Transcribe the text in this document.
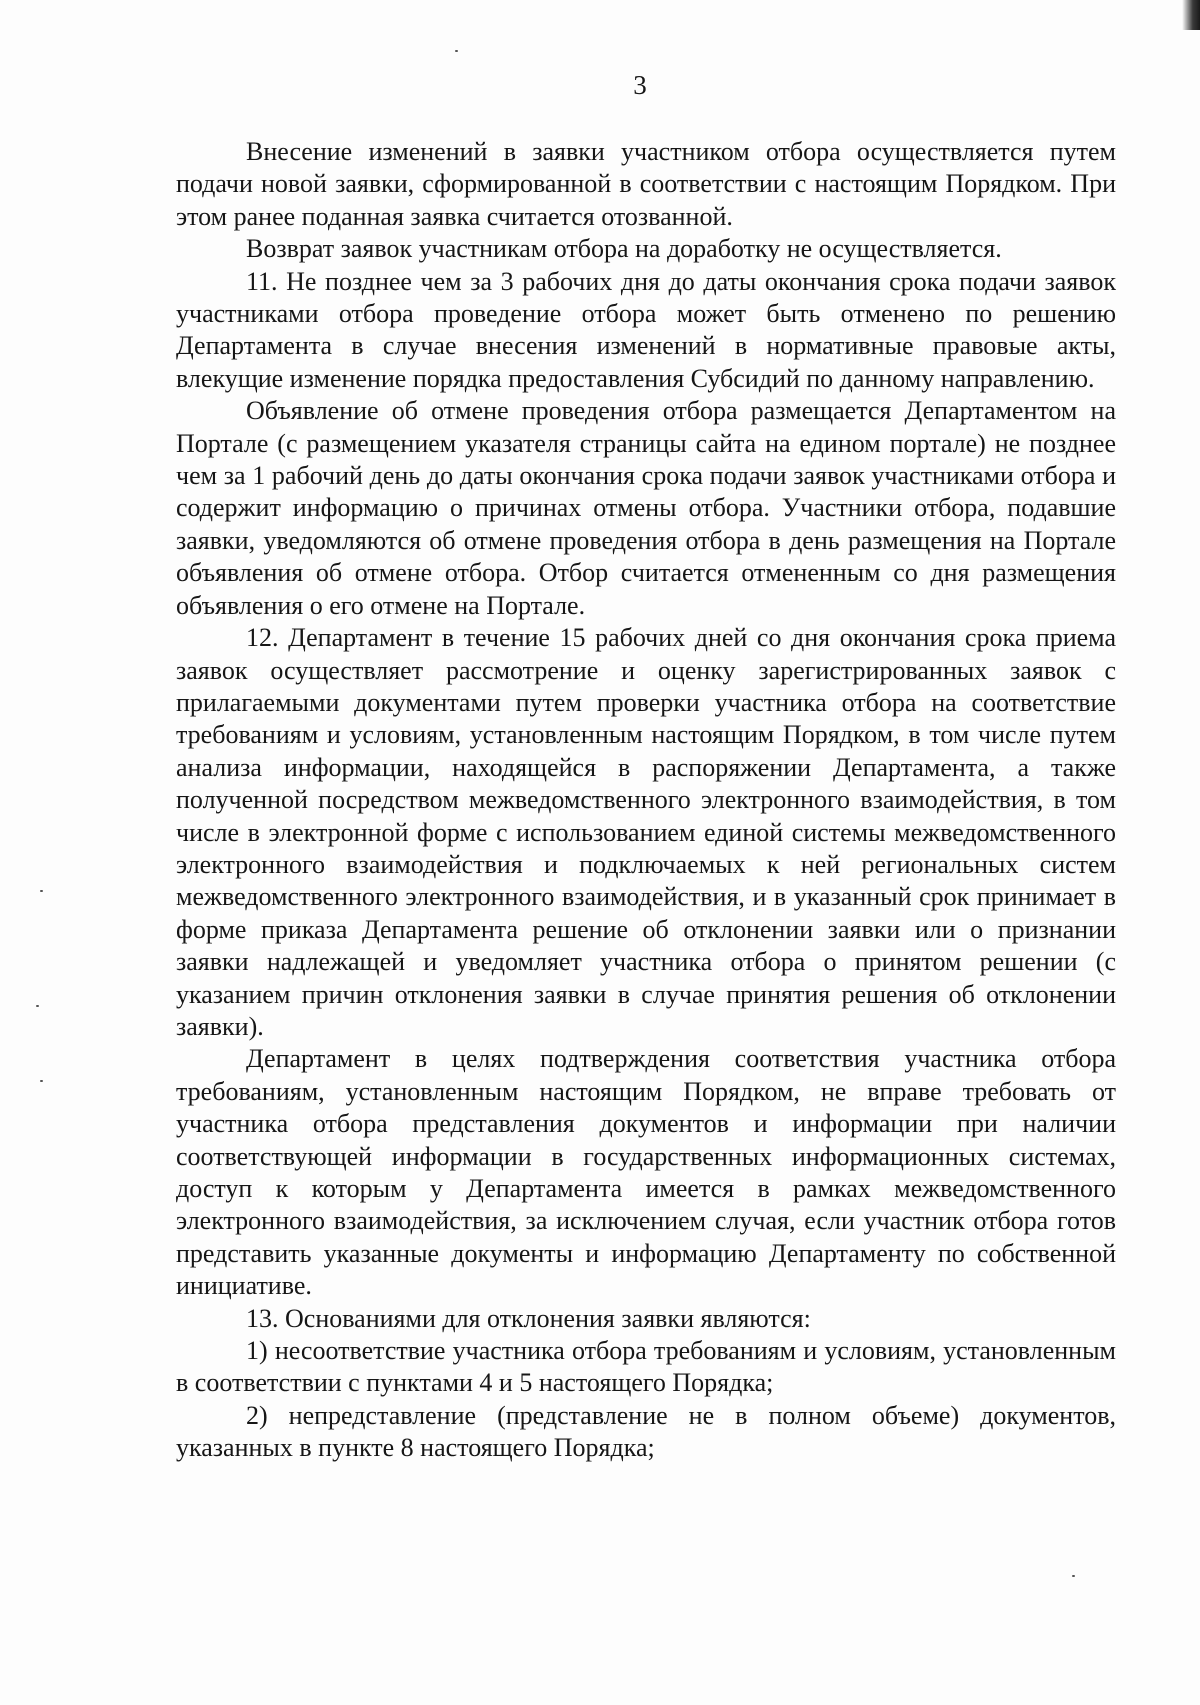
3

Внесение изменений в заявки участником отбора осуществляется путем подачи новой заявки, сформированной в соответствии с настоящим Порядком. При этом ранее поданная заявка считается отозванной.

Возврат заявок участникам отбора на доработку не осуществляется.

11. Не позднее чем за 3 рабочих дня до даты окончания срока подачи заявок участниками отбора проведение отбора может быть отменено по решению Департамента в случае внесения изменений в нормативные правовые акты, влекущие изменение порядка предоставления Субсидий по данному направлению.

Объявление об отмене проведения отбора размещается Департаментом на Портале (с размещением указателя страницы сайта на едином портале) не позднее чем за 1 рабочий день до даты окончания срока подачи заявок участниками отбора и содержит информацию о причинах отмены отбора. Участники отбора, подавшие заявки, уведомляются об отмене проведения отбора в день размещения на Портале объявления об отмене отбора. Отбор считается отмененным со дня размещения объявления о его отмене на Портале.

12. Департамент в течение 15 рабочих дней со дня окончания срока приема заявок осуществляет рассмотрение и оценку зарегистрированных заявок с прилагаемыми документами путем проверки участника отбора на соответствие требованиям и условиям, установленным настоящим Порядком, в том числе путем анализа информации, находящейся в распоряжении Департамента, а также полученной посредством межведомственного электронного взаимодействия, в том числе в электронной форме с использованием единой системы межведомственного электронного взаимодействия и подключаемых к ней региональных систем межведомственного электронного взаимодействия, и в указанный срок принимает в форме приказа Департамента решение об отклонении заявки или о признании заявки надлежащей и уведомляет участника отбора о принятом решении (с указанием причин отклонения заявки в случае принятия решения об отклонении заявки).

Департамент в целях подтверждения соответствия участника отбора требованиям, установленным настоящим Порядком, не вправе требовать от участника отбора представления документов и информации при наличии соответствующей информации в государственных информационных системах, доступ к которым у Департамента имеется в рамках межведомственного электронного взаимодействия, за исключением случая, если участник отбора готов представить указанные документы и информацию Департаменту по собственной инициативе.

13. Основаниями для отклонения заявки являются:

1) несоответствие участника отбора требованиям и условиям, установленным в соответствии с пунктами 4 и 5 настоящего Порядка;

2) непредставление (представление не в полном объеме) документов, указанных в пункте 8 настоящего Порядка;
